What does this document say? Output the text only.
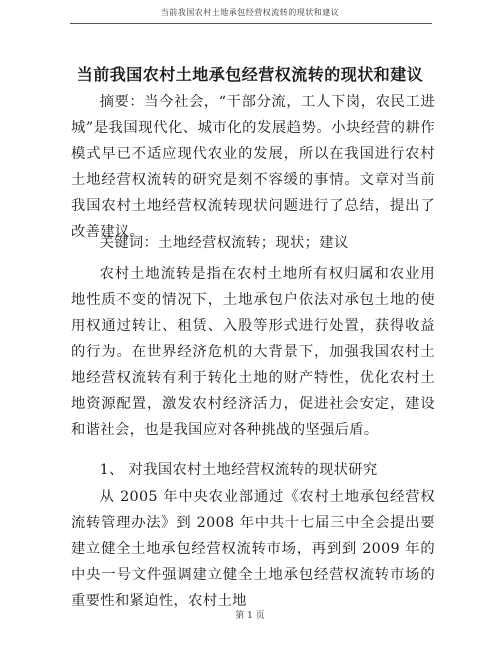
当前我国农村土地承包经营权流转的现状和建议
当前我国农村土地承包经营权流转的现状和建议

摘要：当今社会，“干部分流，工人下岗，农民工进城”是我国现代化、城市化的发展趋势。小块经营的耕作模式早已不适应现代农业的发展，所以在我国进行农村土地经营权流转的研究是刻不容缓的事情。文章对当前我国农村土地经营权流转现状问题进行了总结，提出了改善建议。

关键词：土地经营权流转；现状；建议

农村土地流转是指在农村土地所有权归属和农业用地性质不变的情况下，土地承包户依法对承包土地的使用权通过转让、租赁、入股等形式进行处置，获得收益的行为。在世界经济危机的大背景下，加强我国农村土地经营权流转有利于转化土地的财产特性，优化农村土地资源配置，激发农村经济活力，促进社会安定，建设和谐社会，也是我国应对各种挑战的坚强后盾。

1、 对我国农村土地经营权流转的现状研究

从 2005 年中央农业部通过《农村土地承包经营权流转管理办法》到 2008 年中共十七届三中全会提出要建立健全土地承包经营权流转市场，再到到 2009 年的中央一号文件强调建立健全土地承包经营权流转市场的重要性和紧迫性，农村土地

第 1 页
